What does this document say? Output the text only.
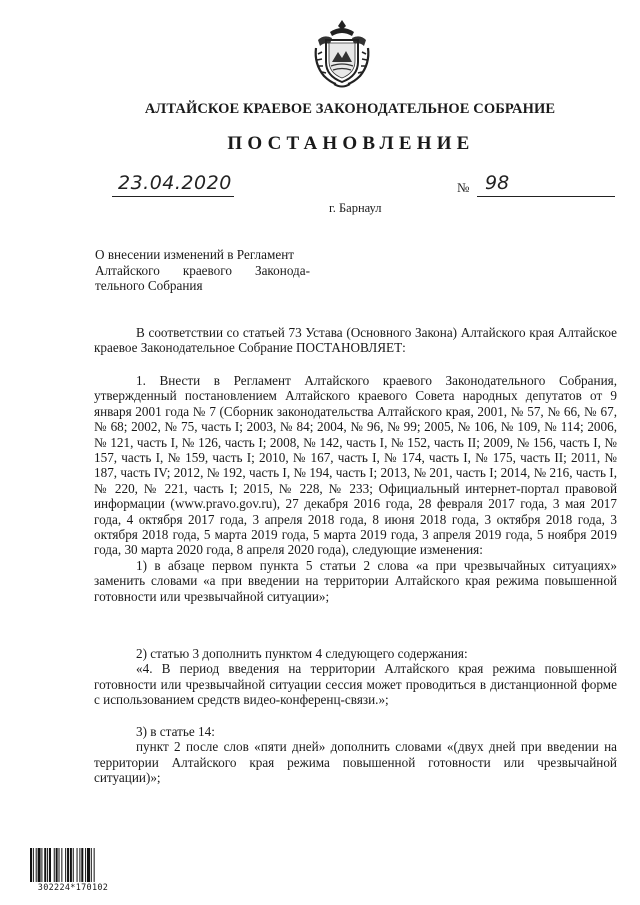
АЛТАЙСКОЕ КРАЕВОЕ ЗАКОНОДАТЕЛЬНОЕ СОБРАНИЕ
ПОСТАНОВЛЕНИЕ
23.04.2020	№ 98
г. Барнаул

О внесении изменений в Регламент

Алтайского краевого Законода-

тельного Собрания

В соответствии со статьей 73 Устава (Основного Закона) Алтайского края Алтайское краевое Законодательное Собрание ПОСТАНОВЛЯЕТ:

1. Внести в Регламент Алтайского краевого Законодательного Собрания, утвержденный постановлением Алтайского краевого Совета народных депутатов от 9 января 2001 года № 7 (Сборник законодательства Алтайского края, 2001, № 57, № 66, № 67, № 68; 2002, № 75, часть I; 2003, № 84; 2004, № 96, № 99; 2005, № 106, № 109, № 114; 2006, № 121, часть I, № 126, часть I; 2008, № 142, часть I, № 152, часть II; 2009, № 156, часть I, № 157, часть I, № 159, часть I; 2010, № 167, часть I, № 174, часть I, № 175, часть II; 2011, № 187, часть IV; 2012, № 192, часть I, № 194, часть I; 2013, № 201, часть I; 2014, № 216, часть I, № 220, № 221, часть I; 2015, № 228, № 233; Официальный интернет-портал правовой информации (www.pravo.gov.ru), 27 декабря 2016 года, 28 февраля 2017 года, 3 мая 2017 года, 4 октября 2017 года, 3 апреля 2018 года, 8 июня 2018 года, 3 октября 2018 года, 3 октября 2018 года, 5 марта 2019 года, 5 марта 2019 года, 3 апреля 2019 года, 5 ноября 2019 года, 30 марта 2020 года, 8 апреля 2020 года), следующие изменения:

1) в абзаце первом пункта 5 статьи 2 слова «а при чрезвычайных ситуациях» заменить словами «а при введении на территории Алтайского края режима повышенной готовности или чрезвычайной ситуации»;

2) статью 3 дополнить пунктом 4 следующего содержания:

«4. В период введения на территории Алтайского края режима повышенной готовности или чрезвычайной ситуации сессия может проводиться в дистанционной форме с использованием средств видео-конференц-связи.»;

3) в статье 14:

пункт 2 после слов «пяти дней» дополнить словами «(двух дней при введении на территории Алтайского края режима повышенной готовности или чрезвычайной ситуации)»;

302224*170102
